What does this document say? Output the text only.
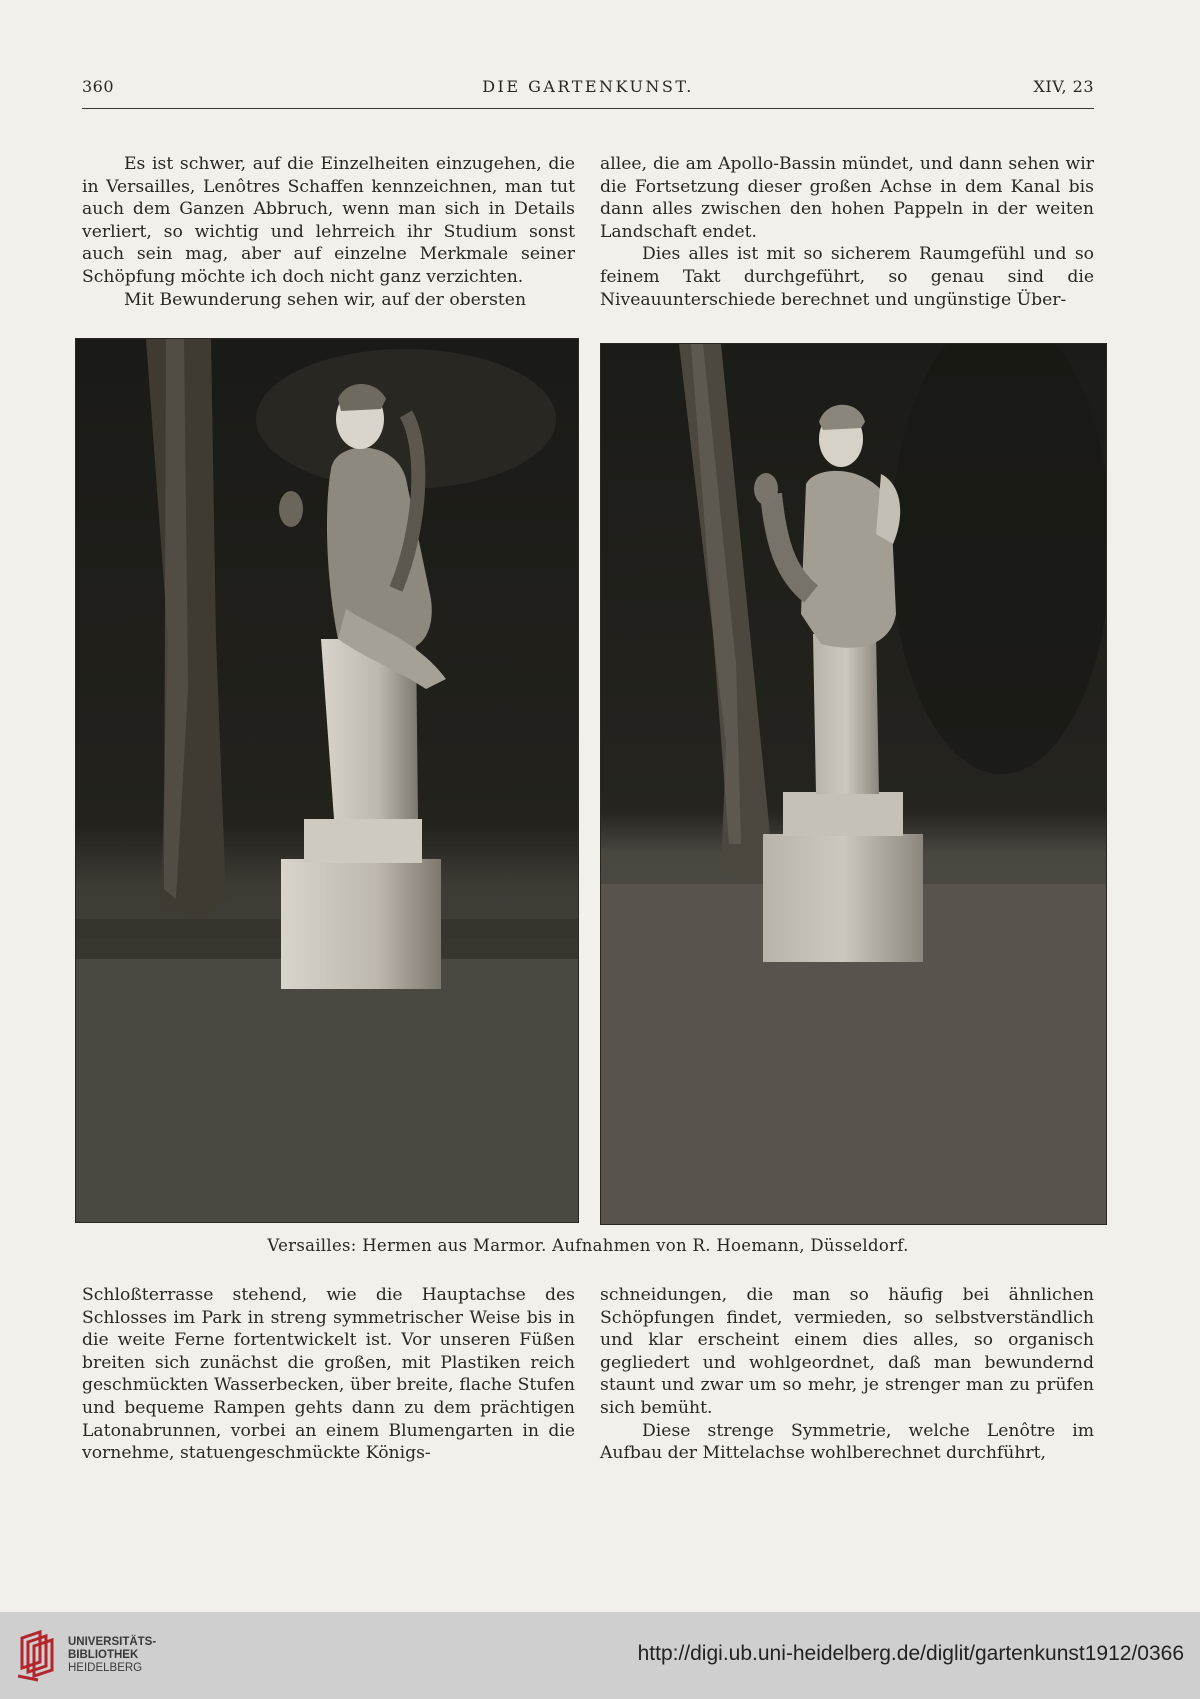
360	DIE GARTENKUNST.	XIV, 23

Es ist schwer, auf die Einzelheiten einzugehen, die in Versailles, Lenôtres Schaffen kennzeichnen, man tut auch dem Ganzen Abbruch, wenn man sich in Details verliert, so wichtig und lehrreich ihr Studium sonst auch sein mag, aber auf einzelne Merkmale seiner Schöpfung möchte ich doch nicht ganz verzichten.

Mit Bewunderung sehen wir, auf der obersten

allee, die am Apollo-Bassin mündet, und dann sehen wir die Fortsetzung dieser großen Achse in dem Kanal bis dann alles zwischen den hohen Pappeln in der weiten Landschaft endet.

Dies alles ist mit so sicherem Raumgefühl und so feinem Takt durchgeführt, so genau sind die Niveauunterschiede berechnet und ungünstige Über-

Versailles: Hermen aus Marmor. Aufnahmen von R. Hoemann, Düsseldorf.

Schloßterrasse stehend, wie die Hauptachse des Schlosses im Park in streng symmetrischer Weise bis in die weite Ferne fortentwickelt ist. Vor unseren Füßen breiten sich zunächst die großen, mit Plastiken reich geschmückten Wasserbecken, über breite, flache Stufen und bequeme Rampen gehts dann zu dem prächtigen Latonabrunnen, vorbei an einem Blumengarten in die vornehme, statuengeschmückte Königs-

schneidungen, die man so häufig bei ähnlichen Schöpfungen findet, vermieden, so selbstverständlich und klar erscheint einem dies alles, so organisch gegliedert und wohlgeordnet, daß man bewundernd staunt und zwar um so mehr, je strenger man zu prüfen sich bemüht.

Diese strenge Symmetrie, welche Lenôtre im Aufbau der Mittelachse wohlberechnet durchführt,

UNIVERSITÄTS-
BIBLIOTHEK
HEIDELBERG
http://digi.ub.uni-heidelberg.de/diglit/gartenkunst1912/0366
